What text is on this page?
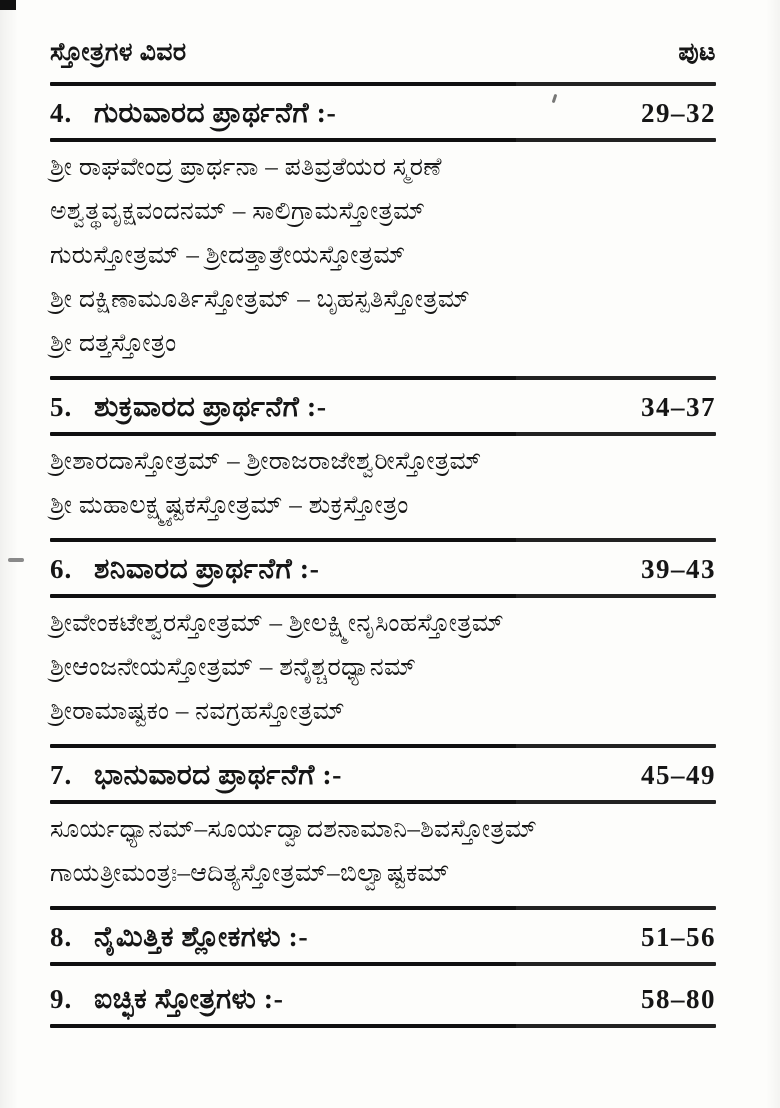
ಸ್ತೋತ್ರಗಳ ವಿವರ	ಪುಟ
4. ಗುರುವಾರದ ಪ್ರಾರ್ಥನೆಗೆ :-	29–32

ಶ್ರೀ ರಾಘವೇಂದ್ರ ಪ್ರಾರ್ಥನಾ – ಪತಿವ್ರತೆಯರ ಸ್ಮರಣೆ

ಅಶ್ವತ್ಥವೃಕ್ಷವಂದನಮ್ – ಸಾಲಿಗ್ರಾಮಸ್ತೋತ್ರಮ್

ಗುರುಸ್ತೋತ್ರಮ್ – ಶ್ರೀದತ್ತಾತ್ರೇಯಸ್ತೋತ್ರಮ್

ಶ್ರೀ ದಕ್ಷಿಣಾಮೂರ್ತಿಸ್ತೋತ್ರಮ್ – ಬೃಹಸ್ಪತಿಸ್ತೋತ್ರಮ್

ಶ್ರೀ ದತ್ತಸ್ತೋತ್ರಂ

5. ಶುಕ್ರವಾರದ ಪ್ರಾರ್ಥನೆಗೆ :-	34–37

ಶ್ರೀಶಾರದಾಸ್ತೋತ್ರಮ್ – ಶ್ರೀರಾಜರಾಜೇಶ್ವರೀಸ್ತೋತ್ರಮ್

ಶ್ರೀ ಮಹಾಲಕ್ಷ್ಮ್ಯಷ್ಟಕಸ್ತೋತ್ರಮ್ – ಶುಕ್ರಸ್ತೋತ್ರಂ

6. ಶನಿವಾರದ ಪ್ರಾರ್ಥನೆಗೆ :-	39–43

ಶ್ರೀವೇಂಕಟೇಶ್ವರಸ್ತೋತ್ರಮ್ – ಶ್ರೀಲಕ್ಷ್ಮೀನೃಸಿಂಹಸ್ತೋತ್ರಮ್

ಶ್ರೀಆಂಜನೇಯಸ್ತೋತ್ರಮ್ – ಶನೈಶ್ಚರಧ್ಯಾನಮ್

ಶ್ರೀರಾಮಾಷ್ಟಕಂ – ನವಗ್ರಹಸ್ತೋತ್ರಮ್

7. ಭಾನುವಾರದ ಪ್ರಾರ್ಥನೆಗೆ :-	45–49

ಸೂರ್ಯಧ್ಯಾನಮ್–ಸೂರ್ಯದ್ವಾದಶನಾಮಾನಿ–ಶಿವಸ್ತೋತ್ರಮ್

ಗಾಯತ್ರೀಮಂತ್ರಃ–ಆದಿತ್ಯಸ್ತೋತ್ರಮ್–ಬಿಲ್ವಾಷ್ಟಕಮ್

8. ನೈಮಿತ್ತಿಕ ಶ್ಲೋಕಗಳು :-	51–56
9. ಐಚ್ಛಿಕ ಸ್ತೋತ್ರಗಳು :-	58–80
